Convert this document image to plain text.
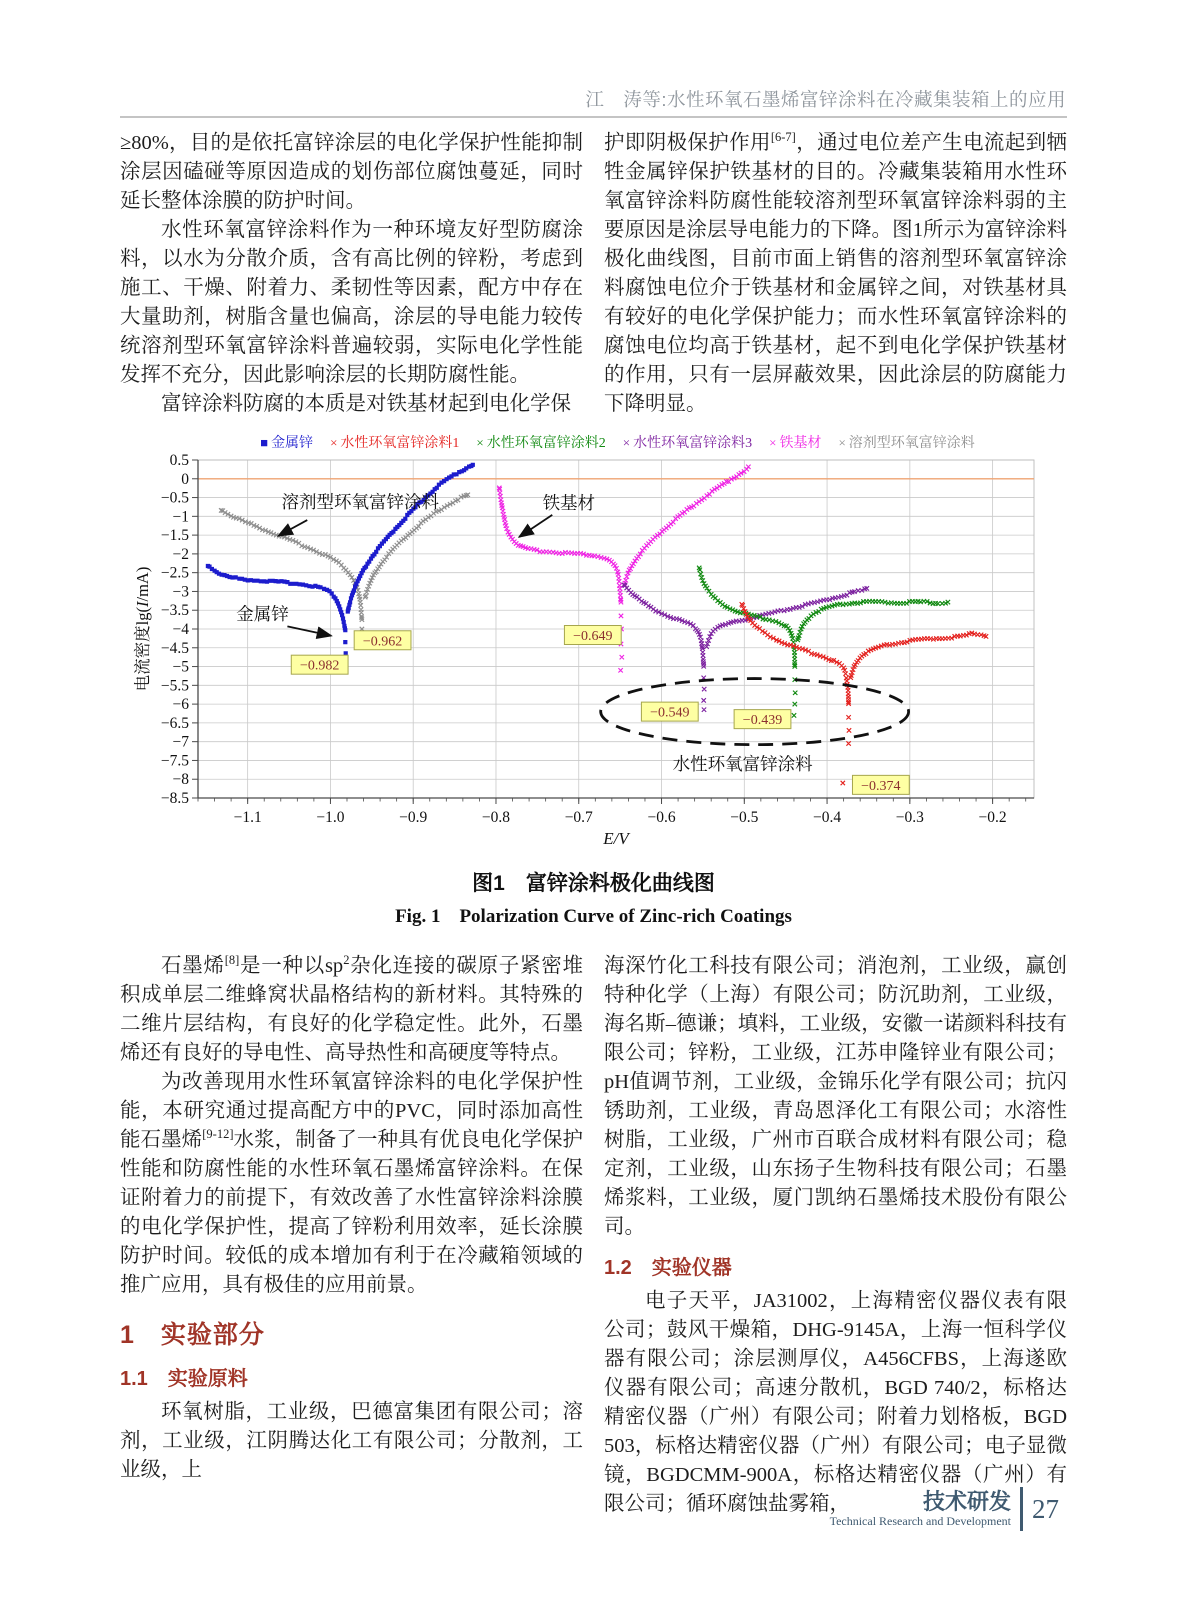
江　涛等:水性环氧石墨烯富锌涂料在冷藏集装箱上的应用

≥80%，目的是依托富锌涂层的电化学保护性能抑制涂层因磕碰等原因造成的划伤部位腐蚀蔓延，同时延长整体涂膜的防护时间。

水性环氧富锌涂料作为一种环境友好型防腐涂料，以水为分散介质，含有高比例的锌粉，考虑到施工、干燥、附着力、柔韧性等因素，配方中存在大量助剂，树脂含量也偏高，涂层的导电能力较传统溶剂型环氧富锌涂料普遍较弱，实际电化学性能发挥不充分，因此影响涂层的长期防腐性能。

富锌涂料防腐的本质是对铁基材起到电化学保

护即阴极保护作用[6-7]，通过电位差产生电流起到牺牲金属锌保护铁基材的目的。冷藏集装箱用水性环氧富锌涂料防腐性能较溶剂型环氧富锌涂料弱的主要原因是涂层导电能力的下降。图1所示为富锌涂料极化曲线图，目前市面上销售的溶剂型环氧富锌涂料腐蚀电位介于铁基材和金属锌之间，对铁基材具有较好的电化学保护能力；而水性环氧富锌涂料的腐蚀电位均高于铁基材，起不到电化学保护铁基材的作用，只有一层屏蔽效果，因此涂层的防腐能力下降明显。

■ 金属锌 × 水性环氧富锌涂料1 × 水性环氧富锌涂料2 × 水性环氧富锌涂料3 × 铁基材 × 溶剂型环氧富锌涂料
−1.1	−1.0	−0.9	−0.8	−0.7	−0.6	−0.5	−0.4	−0.3	−0.2
0.5
0
−0.5
−1
−1.5
−2
−2.5
−3
−3.5
−4
−4.5
−5
−5.5
−6
−6.5
−7
−7.5
−8
−8.5
E/V
电流密度lg(I/mA)
−0.982
−0.962	−0.649
−0.549
−0.439
−0.374
溶剂型环氧富锌涂料	铁基材
金属锌
水性环氧富锌涂料
图1　富锌涂料极化曲线图
Fig. 1　Polarization Curve of Zinc-rich Coatings

石墨烯[8]是一种以$sp^2$杂化连接的碳原子紧密堆积成单层二维蜂窝状晶格结构的新材料。其特殊的二维片层结构，有良好的化学稳定性。此外，石墨烯还有良好的导电性、高导热性和高硬度等特点。

为改善现用水性环氧富锌涂料的电化学保护性能，本研究通过提高配方中的PVC，同时添加高性能石墨烯[9-12]水浆，制备了一种具有优良电化学保护性能和防腐性能的水性环氧石墨烯富锌涂料。在保证附着力的前提下，有效改善了水性富锌涂料涂膜的电化学保护性，提高了锌粉利用效率，延长涂膜防护时间。较低的成本增加有利于在冷藏箱领域的推广应用，具有极佳的应用前景。

1　实验部分
1.1　实验原料

环氧树脂，工业级，巴德富集团有限公司；溶剂，工业级，江阴腾达化工有限公司；分散剂，工业级，上

海深竹化工科技有限公司；消泡剂，工业级，赢创特种化学（上海）有限公司；防沉助剂，工业级，海名斯–德谦；填料，工业级，安徽一诺颜料科技有限公司；锌粉，工业级，江苏申隆锌业有限公司；pH值调节剂，工业级，金锦乐化学有限公司；抗闪锈助剂，工业级，青岛恩泽化工有限公司；水溶性树脂，工业级，广州市百联合成材料有限公司；稳定剂，工业级，山东扬子生物科技有限公司；石墨烯浆料，工业级，厦门凯纳石墨烯技术股份有限公司。

1.2　实验仪器

电子天平，JA31002，上海精密仪器仪表有限公司；鼓风干燥箱，DHG-9145A，上海一恒科学仪器有限公司；涂层测厚仪，A456CFBS，上海遂欧仪器有限公司；高速分散机，BGD 740/2，标格达精密仪器（广州）有限公司；附着力划格板，BGD 503，标格达精密仪器（广州）有限公司；电子显微镜，BGDCMM-900A，标格达精密仪器（广州）有限公司；循环腐蚀盐雾箱，	技术研发
Technical Research and Development 27
